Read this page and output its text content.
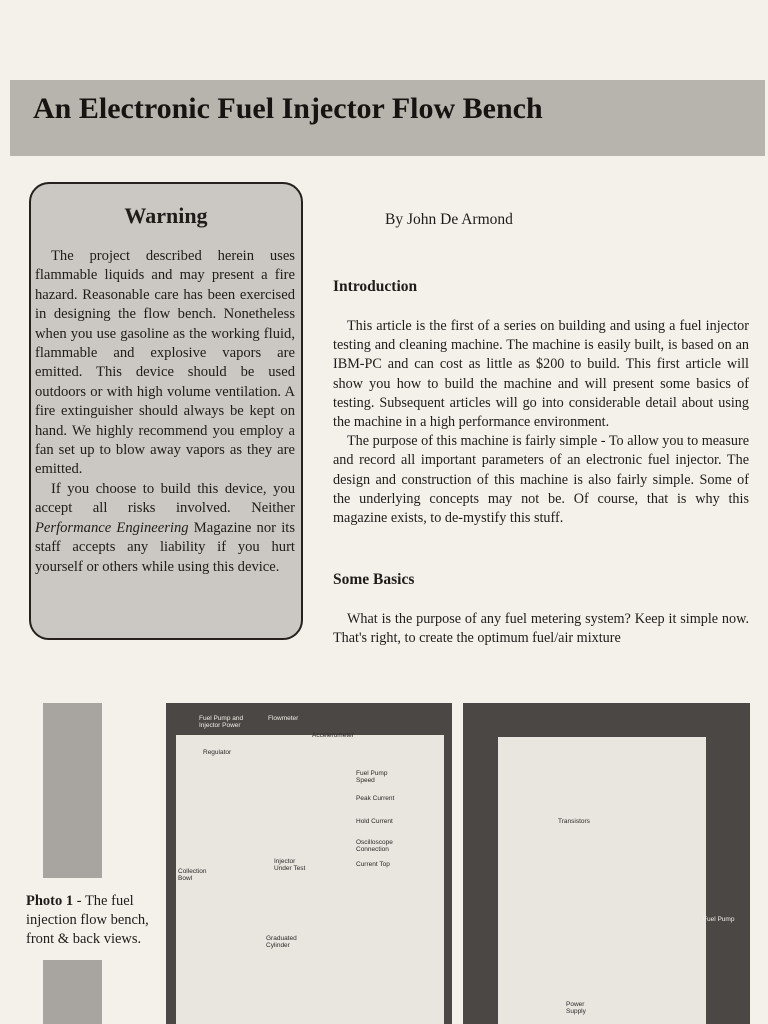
An Electronic Fuel Injector Flow Bench
Warning

The project described herein uses flammable liquids and may present a fire hazard. Reasonable care has been exercised in designing the flow bench. Nonetheless when you use gasoline as the working fluid, flammable and explosive vapors are emitted. This device should be used outdoors or with high volume ventilation. A fire extinguisher should always be kept on hand. We highly recommend you employ a fan set up to blow away vapors as they are emitted.

If you choose to build this device, you accept all risks involved. Neither Performance Engineering Magazine nor its staff accepts any liability if you hurt yourself or others while using this device.

By John De Armond
Introduction

This article is the first of a series on building and using a fuel injector testing and cleaning machine. The machine is easily built, is based on an IBM-PC and can cost as little as $200 to build. This first article will show you how to build the machine and will present some basics of testing. Subsequent articles will go into considerable detail about using the machine in a high performance environment.

The purpose of this machine is fairly simple - To allow you to measure and record all important parameters of an electronic fuel injector. The design and construction of this machine is also fairly simple. Some of the underlying concepts may not be. Of course, that is why this magazine exists, to de-mystify this stuff.

Some Basics

What is the purpose of any fuel metering system? Keep it simple now. That's right, to create the optimum fuel/air mixture

Photo 1 - The fuel injection flow bench, front & back views.

Fuel Pump and Injector Power
Flowmeter
Accelerometer
Regulator
Fuel Pump Speed
Peak Current
Hold Current
Oscilloscope Connection
Current Top
Collection Bowl
Injector Under Test
Graduated Cylinder
Transistors
Fuel Pump
Power Supply
